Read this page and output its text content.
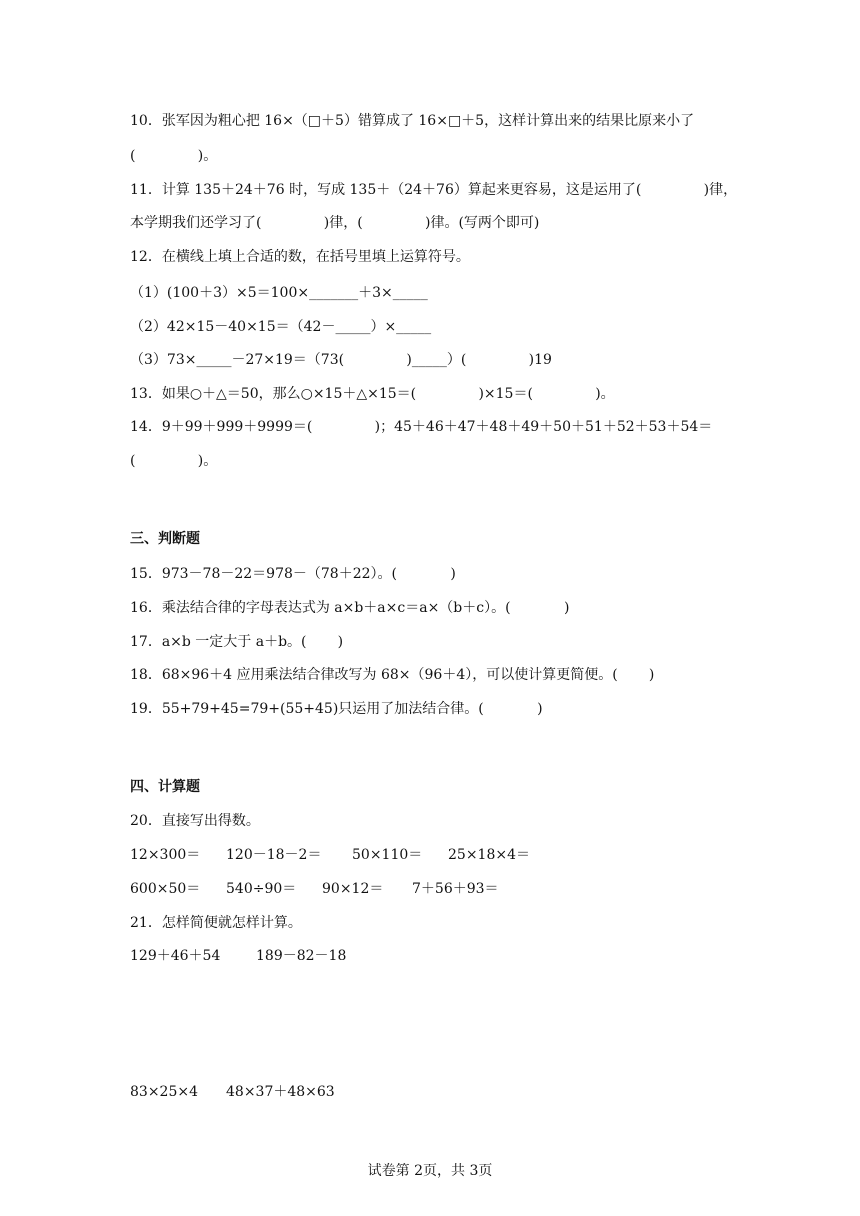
10．张军因为粗心把 16×（□＋5）错算成了 16×□＋5，这样计算出来的结果比原来小了
(              )。
11．计算 135＋24＋76 时，写成 135＋（24＋76）算起来更容易，这是运用了(              )律，
本学期我们还学习了(              )律，(              )律。(写两个即可)
12．在横线上填上合适的数，在括号里填上运算符号。
（1）(100＋3）×5＝100×_______＋3×_____
（2）42×15－40×15＝（42－_____）×_____
（3）73×_____－27×19＝（73(              )_____）(              )19
13．如果○＋△＝50，那么○×15＋△×15＝(              )×15＝(              )。
14．9＋99＋999＋9999＝(              )；45＋46＋47＋48＋49＋50＋51＋52＋53＋54＝
(              )。
三、判断题
15．973－78－22＝978－（78＋22）。(            )
16．乘法结合律的字母表达式为 a×b＋a×c＝a×（b＋c）。(            )
17．a×b 一定大于 a＋b。(       )
18．68×96＋4 应用乘法结合律改写为 68×（96＋4），可以使计算更简便。(       )
19．55+79+45=79+(55+45)只运用了加法结合律。(            )
四、计算题
20．直接写出得数。
12×300＝ 120－18－2＝ 50×110＝ 25×18×4＝
600×50＝ 540÷90＝ 90×12＝ 7＋56＋93＝
21．怎样简便就怎样计算。
129＋46＋54	189－82－18
83×25×4 48×37＋48×63
试卷第 2页，共 3页
